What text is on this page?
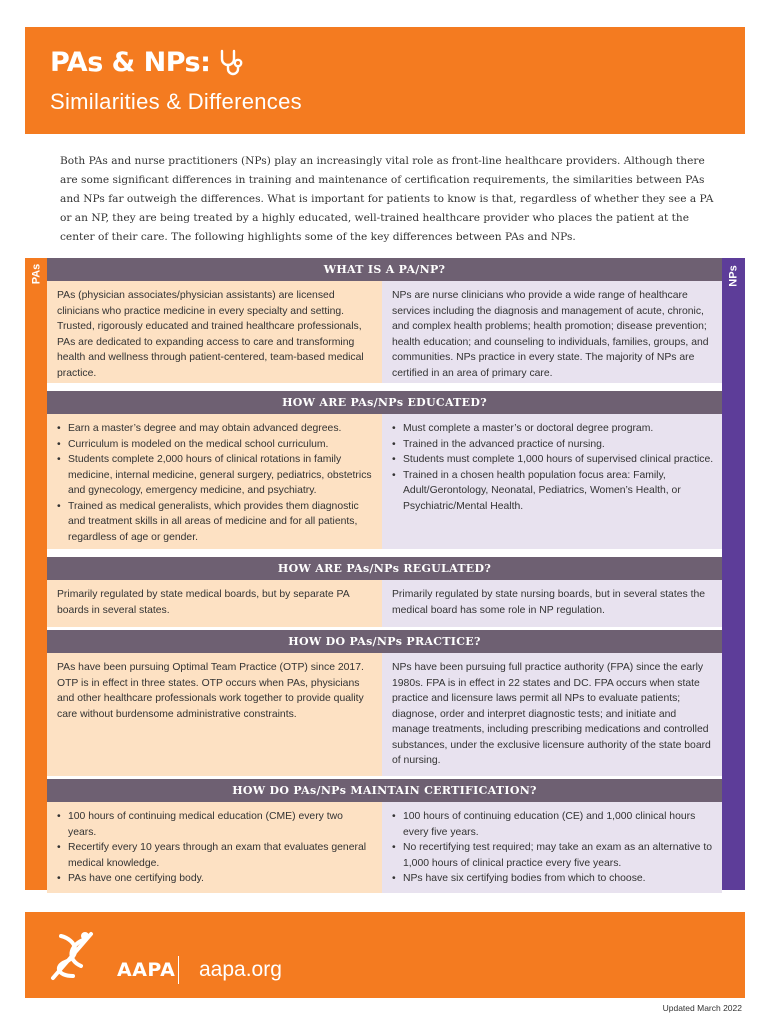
PAs & NPs:
Similarities & Differences

Both PAs and nurse practitioners (NPs) play an increasingly vital role as front-line healthcare providers. Although there are some significant differences in training and maintenance of certification requirements, the similarities between PAs and NPs far outweigh the differences. What is important for patients to know is that, regardless of whether they see a PA or an NP, they are being treated by a highly educated, well-trained healthcare provider who places the patient at the center of their care. The following highlights some of the key differences between PAs and NPs.

PAs	NPs
WHAT IS A PA/NP?
PAs (physician associates/physician assistants) are licensed clinicians who practice medicine in every specialty and setting. Trusted, rigorously educated and trained healthcare professionals, PAs are dedicated to expanding access to care and transforming health and wellness through patient-centered, team-based medical practice.
NPs are nurse clinicians who provide a wide range of healthcare services including the diagnosis and management of acute, chronic, and complex health problems; health promotion; disease prevention; health education; and counseling to individuals, families, groups, and communities. NPs practice in every state. The majority of NPs are certified in an area of primary care.
HOW ARE PAs/NPs EDUCATED?
• Earn a master’s degree and may obtain advanced degrees.
• Curriculum is modeled on the medical school curriculum.
• Students complete 2,000 hours of clinical rotations in family medicine, internal medicine, general surgery, pediatrics, obstetrics and gynecology, emergency medicine, and psychiatry.
• Trained as medical generalists, which provides them diagnostic and treatment skills in all areas of medicine and for all patients, regardless of age or gender.
• Must complete a master’s or doctoral degree program.
• Trained in the advanced practice of nursing.
• Students must complete 1,000 hours of supervised clinical practice.
• Trained in a chosen health population focus area: Family, Adult/Gerontology, Neonatal, Pediatrics, Women’s Health, or Psychiatric/Mental Health.
HOW ARE PAs/NPs REGULATED?
Primarily regulated by state medical boards, but by separate PA boards in several states.
Primarily regulated by state nursing boards, but in several states the medical board has some role in NP regulation.
HOW DO PAs/NPs PRACTICE?
PAs have been pursuing Optimal Team Practice (OTP) since 2017. OTP is in effect in three states. OTP occurs when PAs, physicians and other healthcare professionals work together to provide quality care without burdensome administrative constraints.
NPs have been pursuing full practice authority (FPA) since the early 1980s. FPA is in effect in 22 states and DC. FPA occurs when state practice and licensure laws permit all NPs to evaluate patients; diagnose, order and interpret diagnostic tests; and initiate and manage treatments, including prescribing medications and controlled substances, under the exclusive licensure authority of the state board of nursing.
HOW DO PAs/NPs MAINTAIN CERTIFICATION?
• 100 hours of continuing medical education (CME) every two years.
• Recertify every 10 years through an exam that evaluates general medical knowledge.
• PAs have one certifying body.
• 100 hours of continuing education (CE) and 1,000 clinical hours every five years.
• No recertifying test required; may take an exam as an alternative to 1,000 hours of clinical practice every five years.
• NPs have six certifying bodies from which to choose.
AAPA aapa.org
Updated March 2022
